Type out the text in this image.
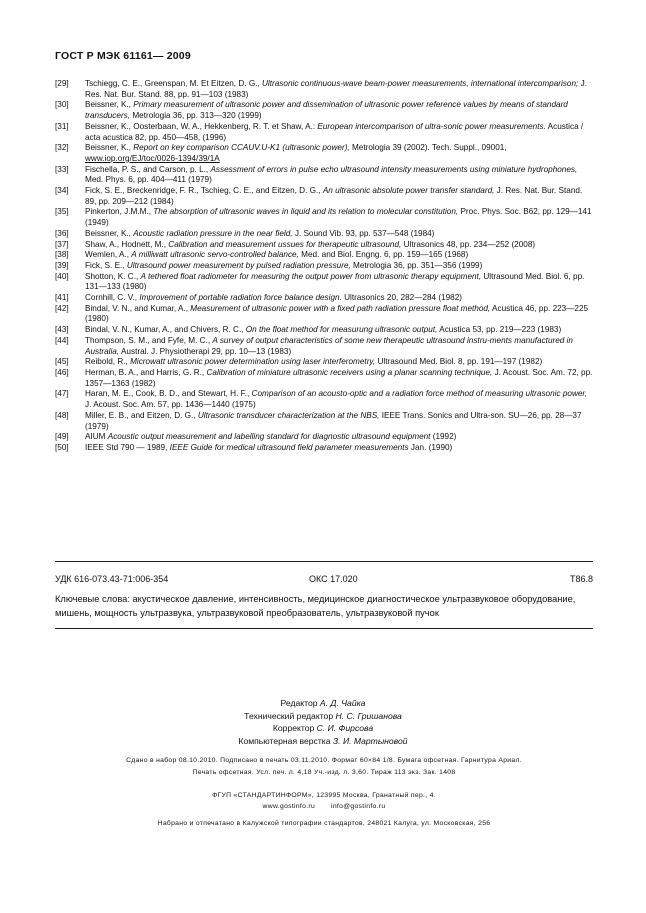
ГОСТ Р МЭК 61161— 2009
[29]	Tschiegg, C. E., Greenspan, M. Et Eitzen, D. G., Ultrasonic continuous-wave beam-power measurements, international intercomparison; J. Res. Nat. Bur. Stand. 88, pp. 91—103 (1983)
[30]	Beissner, K., Primary measurement of ultrasonic power and dissemination of ultrasonic power reference values by means of standard transducers, Metrologia 36, pp. 313—320 (1999)
[31]	Beissner, K., Oosterbaan, W. A., Hekkenberg, R. T. et Shaw, A.: European intercomparison of ultra-sonic power measurements. Acustica / acta acustica 82, pp. 450—458, (1996)
[32]	Beissner, K., Report on key comparison CCAUV.U-K1 (ultrasonic power), Metrologia 39 (2002). Tech. Suppl., 09001, www.iop.org/EJ/toc/0026-1394/39/1A
[33]	Fischella, P. S., and Carson, p. L., Assessment of errors in pulse echo ultrasound intensity measurements using miniature hydrophones, Med. Phys. 6, pp. 404—411 (1979)
[34]	Fick, S. E., Breckenridge, F. R., Tschieg, C. E., and Eitzen, D. G., An ultrasonic absolute power transfer standard, J. Res. Nat. Bur. Stand. 89, pp. 209—212 (1984)
[35]	Pinkerton, J.M.M., The absorption of ultrasonic waves in liquid and its relation to molecular constitution, Proc. Phys. Soc. B62, pp. 129—141 (1949)
[36]	Beissner, K., Acoustic radiation pressure in the near field, J. Sound Vib. 93, pp. 537—548 (1984)
[37]	Shaw, A., Hodnett, M., Calibration and measurement ussues for therapeutic ultrasound, Ultrasonics 48, pp. 234—252 (2008)
[38]	Wemlen, A., A milliwatt ultrasonic servo-controlled balance, Med. and Biol. Engng. 6, pp. 159—165 (1968)
[39]	Fick, S. E., Ultrasound power measurement by pulsed radiation pressure, Metrologia 36, pp. 351—356 (1999)
[40]	Shotton, K. C., A tethered float radiometer for measuring the output power from ultrasonic therapy equipment, Ultrasound Med. Biol. 6, pp. 131—133 (1980)
[41]	Cornhill, C. V., Improvement of portable radiation force balance design. Ultrasonics 20, 282—284 (1982)
[42]	Bindal, V. N., and Kumar, A., Measurement of ultrasonic power with a fixed path radiation pressure float method, Acustica 46, pp. 223—225 (1980)
[43]	Bindal, V. N., Kumar, A., and Chivers, R. C., On the float method for measurung ultrasonic output, Acustica 53, pp. 219—223 (1983)
[44]	Thompson, S. M., and Fyfe, M. C., A survey of output characteristics of some new therapeutic ultrasound instru-ments manufactured in Australia, Austral. J. Physiotherapi 29, pp. 10—13 (1983)
[45]	Reibold, R., Microwatt ultrasonic power determination using laser interferometry, Ultrasound Med. Biol. 8, pp. 191—197 (1982)
[46]	Herman, B. A., and Harris, G. R., Calibration of miniature ultrasonic receivers using a planar scanning technique, J. Acoust. Soc. Am. 72, pp. 1357—1363 (1982)
[47]	Haran, M. E., Cook, B. D., and Stewart, H. F., Comparison of an acousto-optic and a radiation force method of measuring ultrasonic power, J. Acoust. Soc. Am. 57, pp. 1436—1440 (1975)
[48]	Miller, E. B., and Eitzen, D. G., Ultrasonic transducer characterization at the NBS, IEEE Trans. Sonics and Ultra-son. SU—26, pp. 28—37 (1979)
[49]	AIUM Acoustic output measurement and labelling standard for diagnostic ultrasound equipment (1992)
[50]	IEEE Std 790 — 1989, IEEE Guide for medical ultrasound field parameter measurements Jan. (1990)
УДК 616-073.43-71:006-354	ОКС 17.020	Т86.8
Ключевые слова: акустическое давление, интенсивность, медицинское диагностическое ультразвуковое оборудование, мишень, мощность ультразвука, ультразвуковой преобразователь, ультразвуковой пучок
Редактор А. Д. Чайка
Технический редактор Н. С. Гришанова
Корректор С. И. Фирсова
Компьютерная верстка З. И. Мартыновой
Сдано в набор 08.10.2010. Подписано в печать 03.11.2010. Формат 60×84 1/8. Бумага офсетная. Гарнитура Ариал.
Печать офсетная. Усл. печ. л. 4,18 Уч.-изд. л. 3,60. Тираж 113 экз. Зак. 1408
ФГУП «СТАНДАРТИНФОРМ», 123995 Москва, Гранатный пер., 4.
www.gostinfo.ru info@gostinfo.ru
Набрано и отпечатано в Калужской типографии стандартов, 248021 Калуга, ул. Московская, 256
